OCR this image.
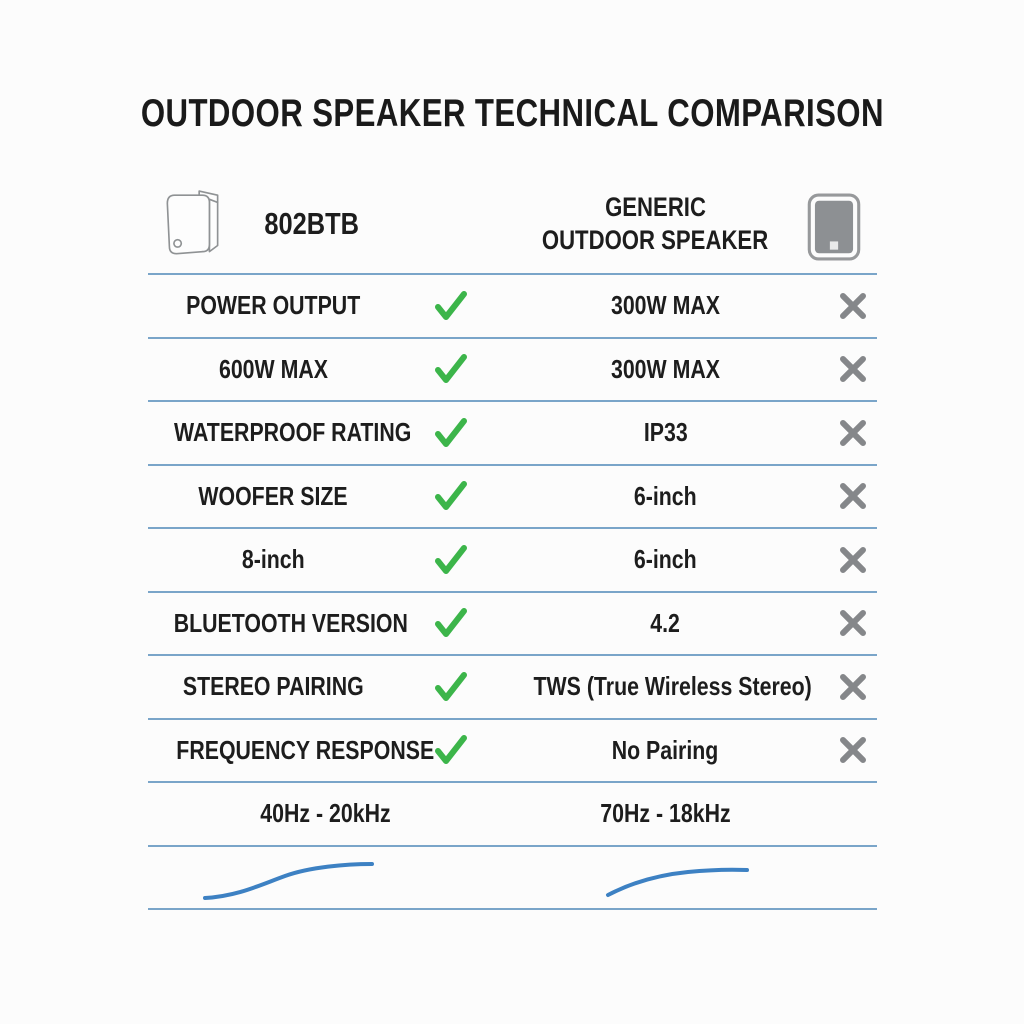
OUTDOOR SPEAKER TECHNICAL COMPARISON
802BTB	GENERIC
OUTDOOR SPEAKER
POWER OUTPUT	300W MAX
600W MAX	300W MAX
WATERPROOF RATING	IP33
WOOFER SIZE	6-inch
8-inch	6-inch
BLUETOOTH VERSION	4.2
STEREO PAIRING	TWS (True Wireless Stereo)
FREQUENCY RESPONSE	No Pairing
40Hz - 20kHz	70Hz - 18kHz
